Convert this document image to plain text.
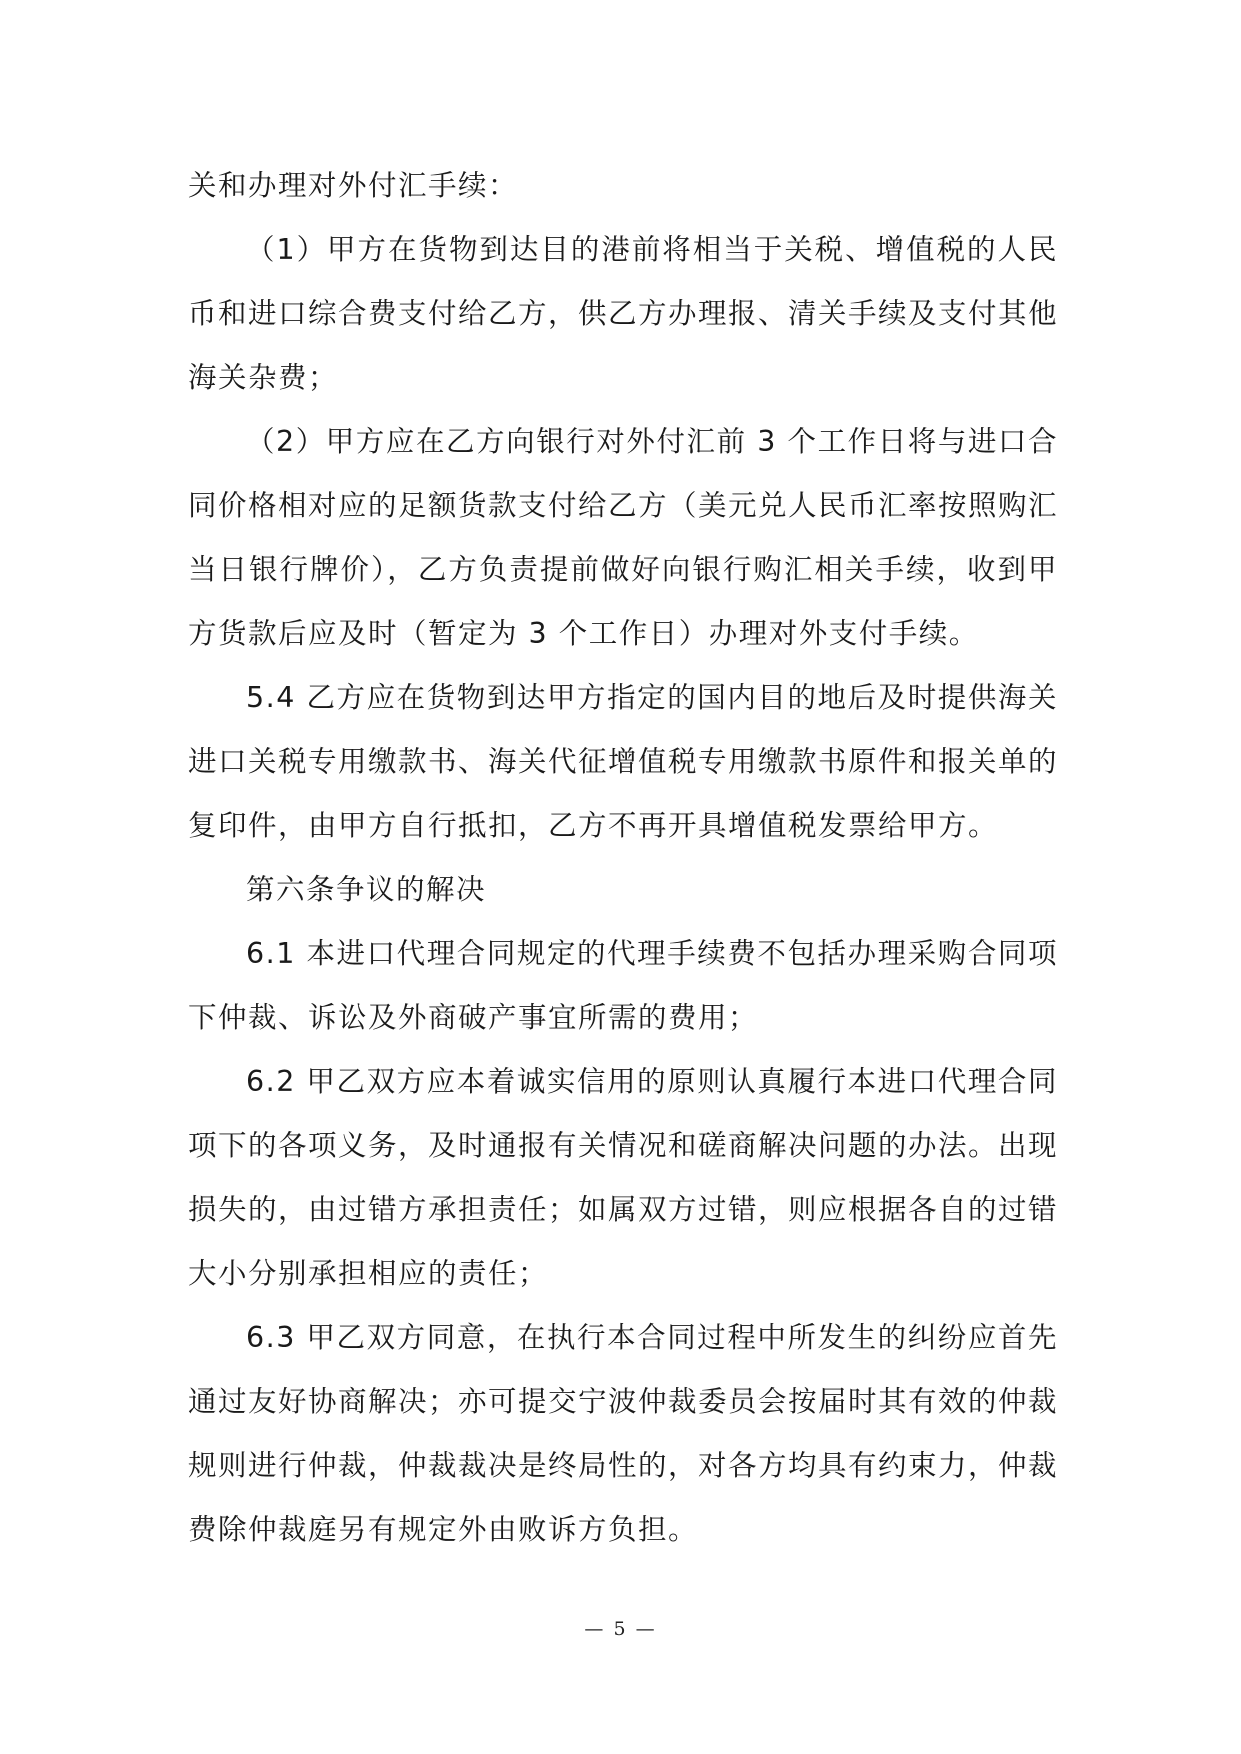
关和办理对外付汇手续：

（1）甲方在货物到达目的港前将相当于关税、增值税的人民币和进口综合费支付给乙方，供乙方办理报、清关手续及支付其他海关杂费；

（2）甲方应在乙方向银行对外付汇前 3 个工作日将与进口合同价格相对应的足额货款支付给乙方（美元兑人民币汇率按照购汇当日银行牌价），乙方负责提前做好向银行购汇相关手续，收到甲方货款后应及时（暂定为 3 个工作日）办理对外支付手续。

5.4 乙方应在货物到达甲方指定的国内目的地后及时提供海关进口关税专用缴款书、海关代征增值税专用缴款书原件和报关单的复印件，由甲方自行抵扣，乙方不再开具增值税发票给甲方。

第六条争议的解决

6.1 本进口代理合同规定的代理手续费不包括办理采购合同项下仲裁、诉讼及外商破产事宜所需的费用；

6.2 甲乙双方应本着诚实信用的原则认真履行本进口代理合同项下的各项义务，及时通报有关情况和磋商解决问题的办法。出现损失的，由过错方承担责任；如属双方过错，则应根据各自的过错大小分别承担相应的责任；

6.3 甲乙双方同意，在执行本合同过程中所发生的纠纷应首先通过友好协商解决；亦可提交宁波仲裁委员会按届时其有效的仲裁规则进行仲裁，仲裁裁决是终局性的，对各方均具有约束力，仲裁费除仲裁庭另有规定外由败诉方负担。

— 5 —
